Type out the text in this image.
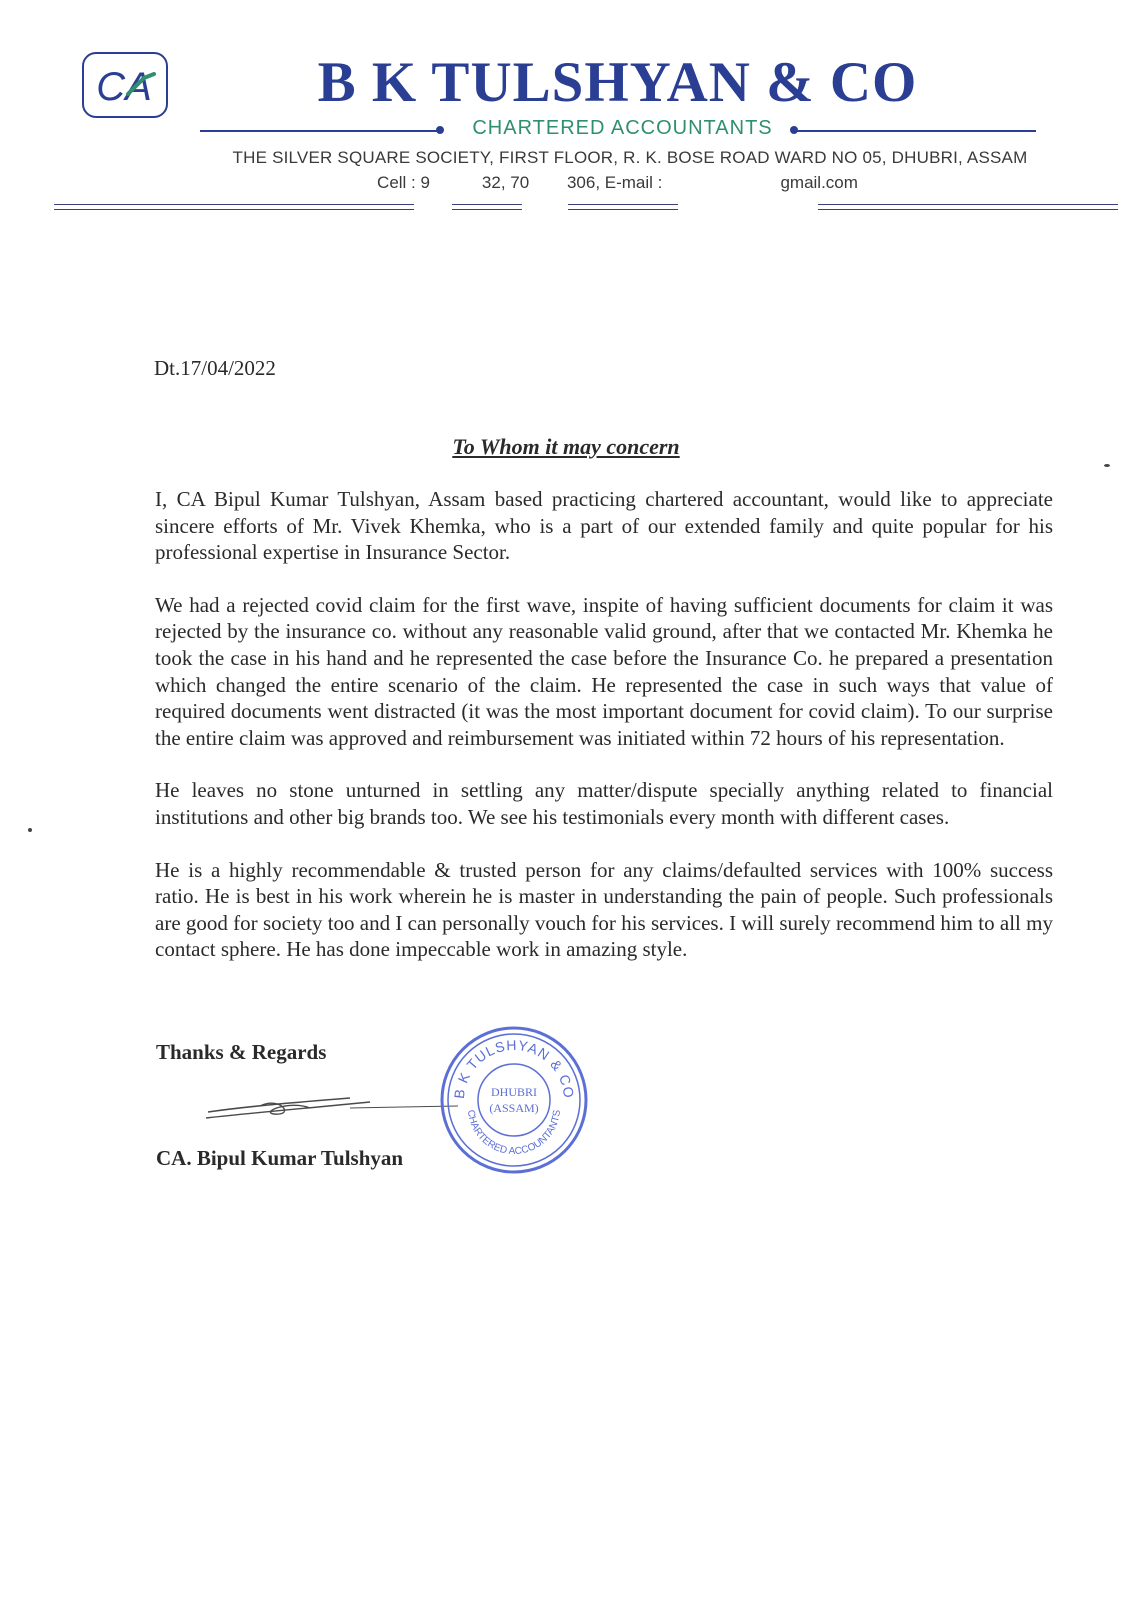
CA	B K TULSHYAN & CO
CHARTERED ACCOUNTANTS
THE SILVER SQUARE SOCIETY, FIRST FLOOR, R. K. BOSE ROAD WARD NO 05, DHUBRI, ASSAM
Cell : 9           32, 70        306, E-mail :                         gmail.com
Dt.17/04/2022
To Whom it may concern

I, CA Bipul Kumar Tulshyan, Assam based practicing chartered accountant, would like to appreciate sincere efforts of Mr. Vivek Khemka, who is a part of our extended family and quite popular for his professional expertise in Insurance Sector.

We had a rejected covid claim for the first wave, inspite of having sufficient documents for claim it was rejected by the insurance co. without any reasonable valid ground, after that we contacted Mr. Khemka he took the case in his hand and he represented the case before the Insurance Co. he prepared a presentation which changed the entire scenario of the claim. He represented the case in such ways that value of required documents went distracted (it was the most important document for covid claim). To our surprise the entire claim was approved and reimbursement was initiated within 72 hours of his representation.

He leaves no stone unturned in settling any matter/dispute specially anything related to financial institutions and other big brands too. We see his testimonials every month with different cases.

He is a highly recommendable & trusted person for any claims/defaulted services with 100% success ratio. He is best in his work wherein he is master in understanding the pain of people. Such professionals are good for society too and I can personally vouch for his services. I will surely recommend him to all my contact sphere. He has done impeccable work in amazing style.

Thanks & Regards
CA. Bipul Kumar Tulshyan
B K TULSHYAN & CO
CHARTERED ACCOUNTANTS
DHUBRI
(ASSAM)
